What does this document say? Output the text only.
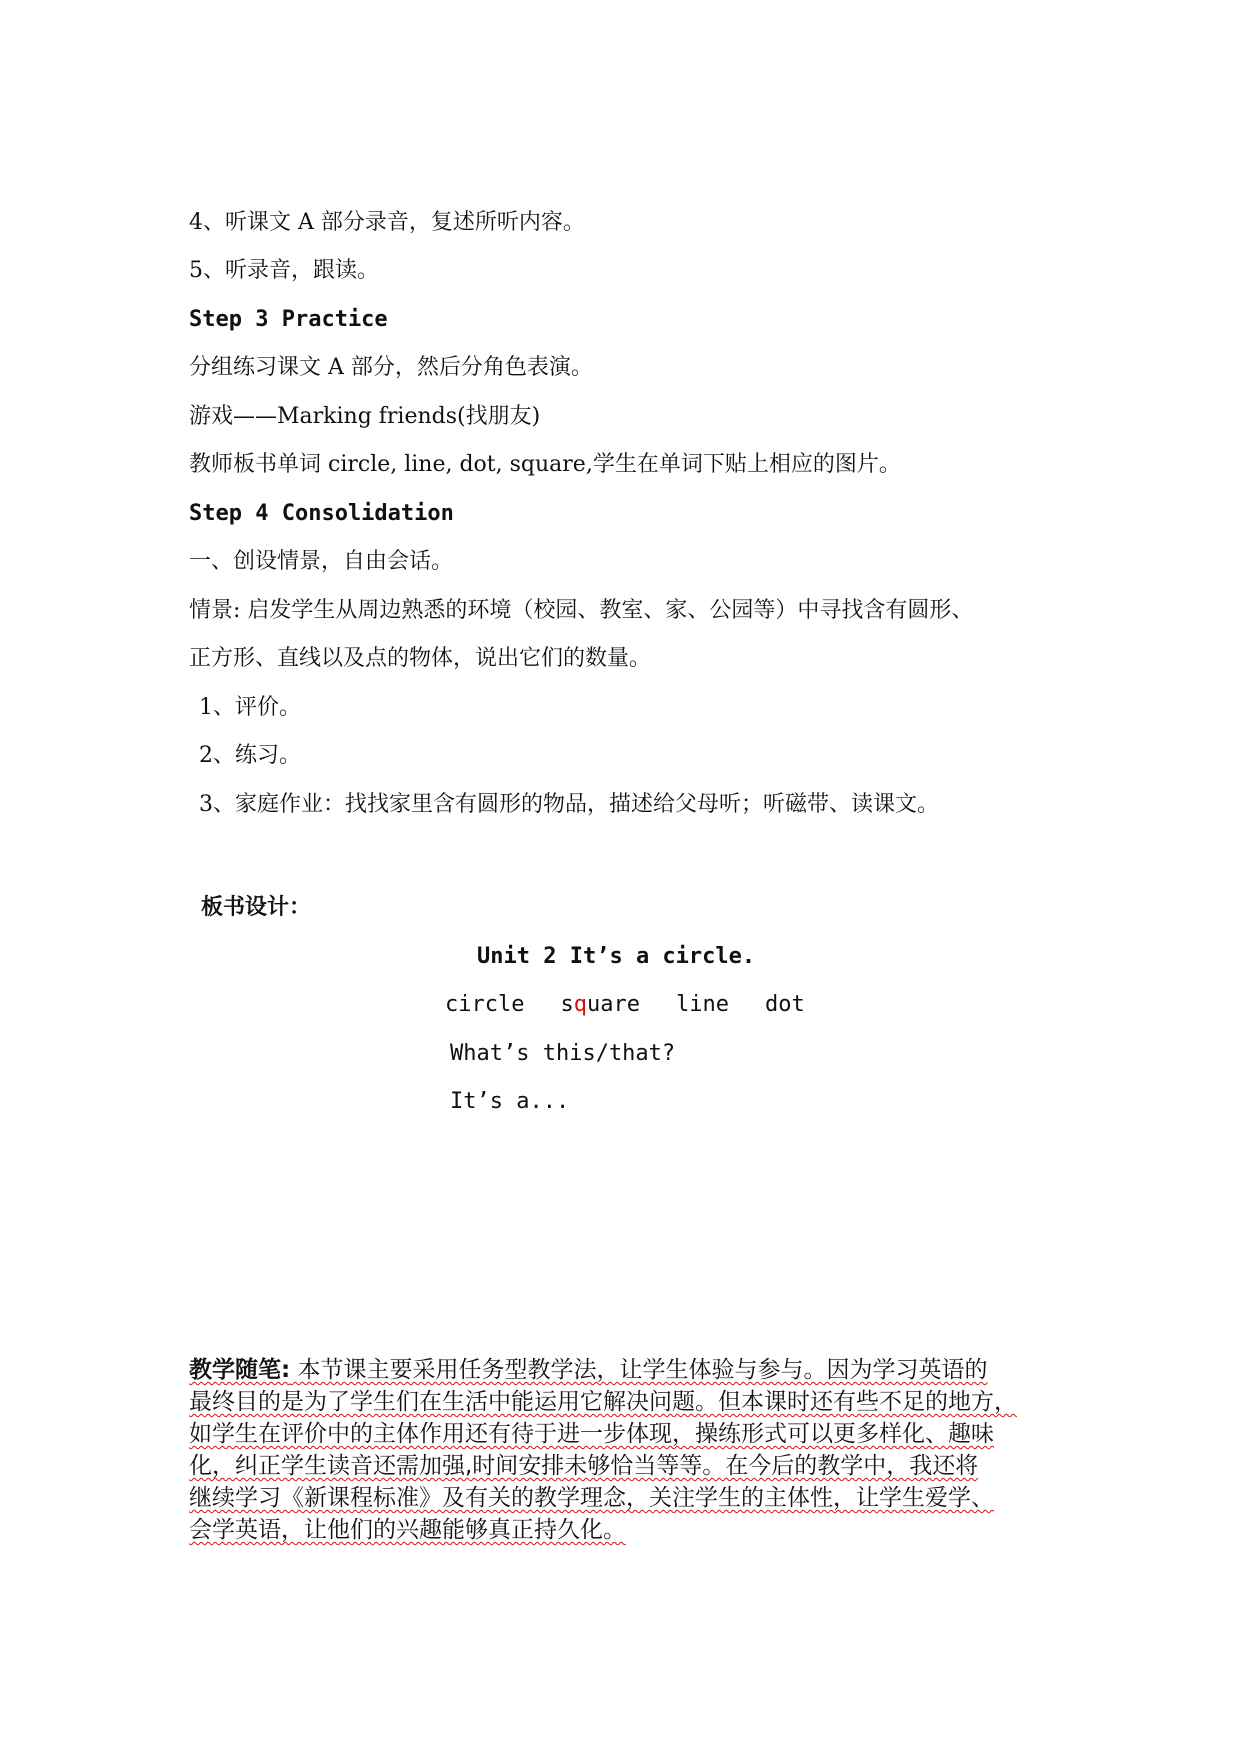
4、听课文 A 部分录音，复述所听内容。

5、听录音，跟读。

Step 3 Practice

分组练习课文 A 部分，然后分角色表演。

游戏——Marking friends(找朋友)

教师板书单词 circle, line, dot, square,学生在单词下贴上相应的图片。

Step 4 Consolidation

一、创设情景，自由会话。

情景: 启发学生从周边熟悉的环境（校园、教室、家、公园等）中寻找含有圆形、

正方形、直线以及点的物体，说出它们的数量。

1、评价。

2、练习。

3、家庭作业：找找家里含有圆形的物品，描述给父母听；听磁带、读课文。

板书设计：

Unit 2 It’s a circle.
circle square line dot
What’s this/that?
It’s a...
教学随笔: 本节课主要采用任务型教学法，让学生体验与参与。因为学习英语的
最终目的是为了学生们在生活中能运用它解决问题。但本课时还有些不足的地方，
如学生在评价中的主体作用还有待于进一步体现，操练形式可以更多样化、趣味
化，纠正学生读音还需加强,时间安排未够恰当等等。在今后的教学中，我还将
继续学习《新课程标准》及有关的教学理念，关注学生的主体性，让学生爱学、
会学英语，让他们的兴趣能够真正持久化。
